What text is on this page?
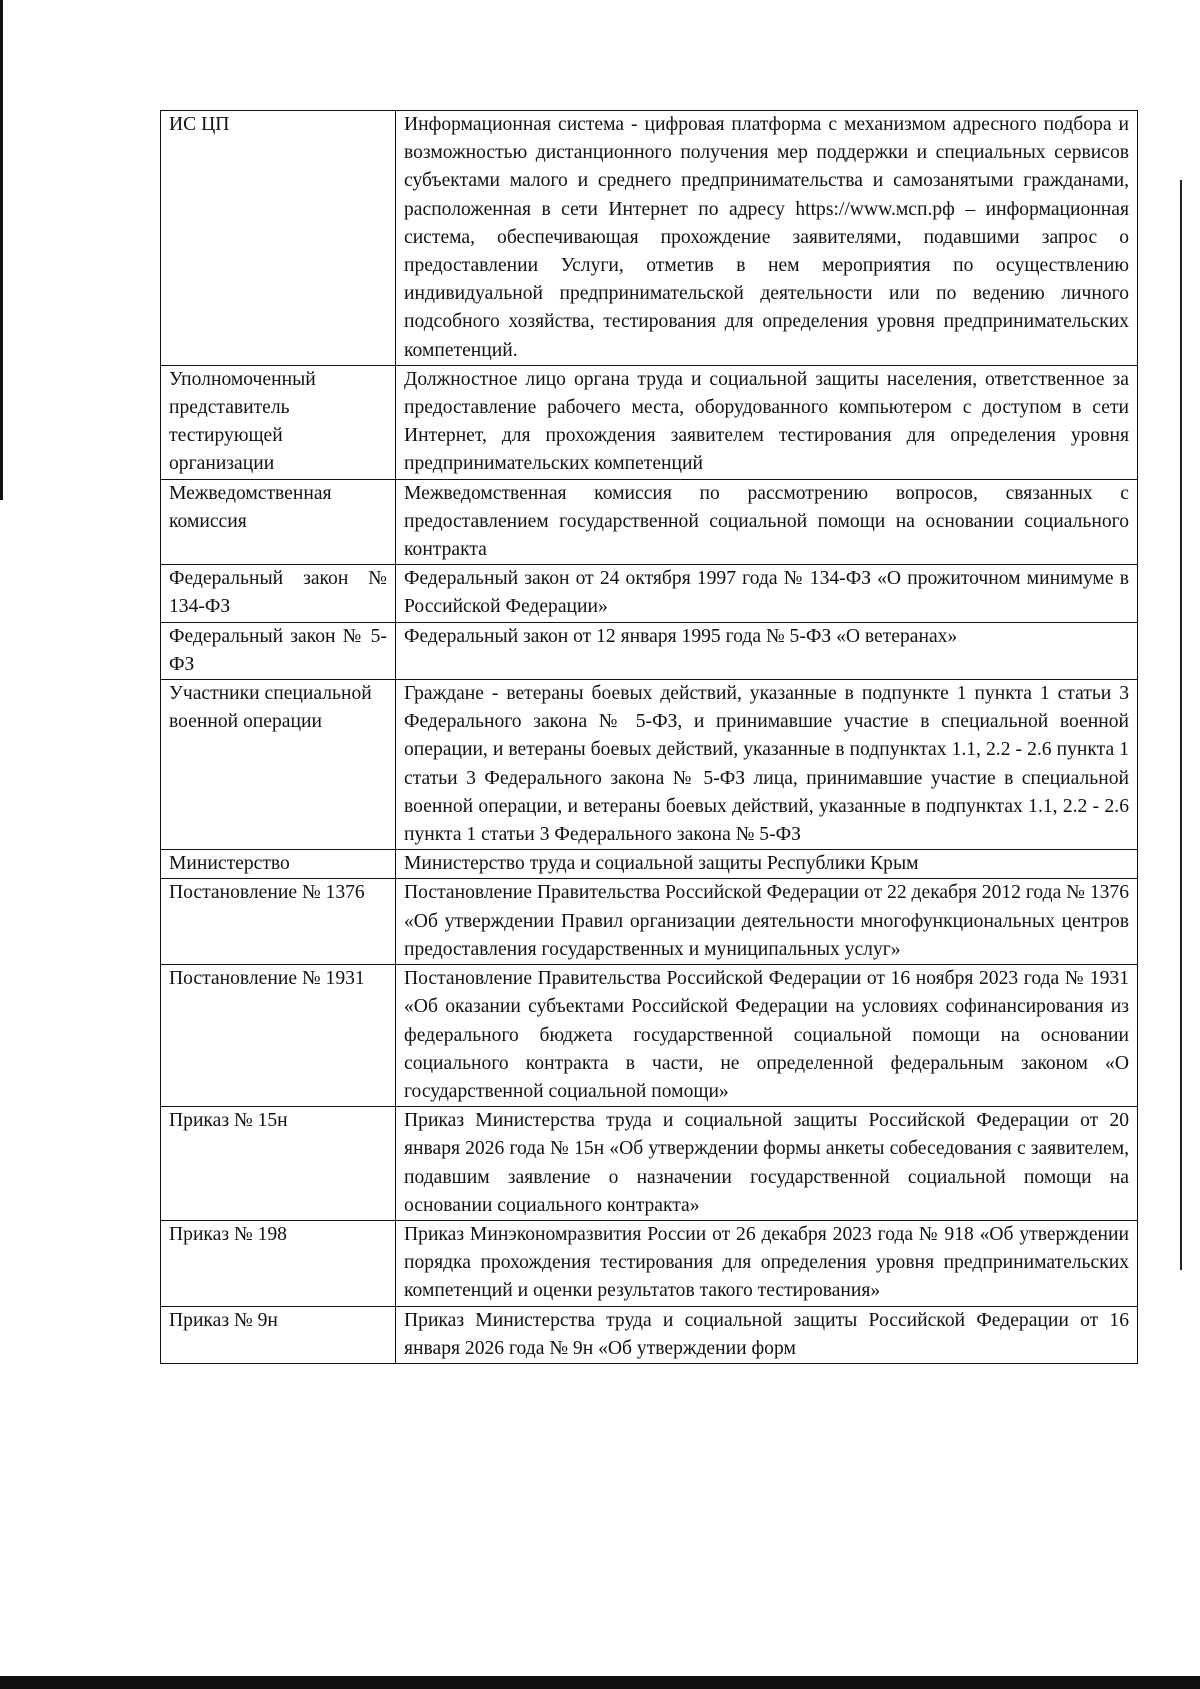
ИС ЦП	Информационная система - цифровая платформа с механизмом адресного подбора и возможностью дистанционного получения мер поддержки и специальных сервисов субъектами малого и среднего предпринимательства и самозанятыми гражданами, расположенная в сети Интернет по адресу https://www.мсп.рф – информационная система, обеспечивающая прохождение заявителями, подавшими запрос о предоставлении Услуги, отметив в нем мероприятия по осуществлению индивидуальной предпринимательской деятельности или по ведению личного подсобного хозяйства, тестирования для определения уровня предпринимательских компетенций.
Уполномоченный представитель тестирующей организации	Должностное лицо органа труда и социальной защиты населения, ответственное за предоставление рабочего места, оборудованного компьютером с доступом в сети Интернет, для прохождения заявителем тестирования для определения уровня предпринимательских компетенций
Межведомственная комиссия	Межведомственная комиссия по рассмотрению вопросов, связанных с предоставлением государственной социальной помощи на основании социального контракта
Федеральный закон № 134-ФЗ	Федеральный закон от 24 октября 1997 года № 134-ФЗ «О прожиточном минимуме в Российской Федерации»
Федеральный закон № 5-ФЗ	Федеральный закон от 12 января 1995 года № 5-ФЗ «О ветеранах»
Участники специальной военной операции	Граждане - ветераны боевых действий, указанные в подпункте 1 пункта 1 статьи 3 Федерального закона № 5-ФЗ, и принимавшие участие в специальной военной операции, и ветераны боевых действий, указанные в подпунктах 1.1, 2.2 - 2.6 пункта 1 статьи 3 Федерального закона № 5-ФЗ лица, принимавшие участие в специальной военной операции, и ветераны боевых действий, указанные в подпунктах 1.1, 2.2 - 2.6 пункта 1 статьи 3 Федерального закона № 5-ФЗ
Министерство	Министерство труда и социальной защиты Республики Крым
Постановление № 1376	Постановление Правительства Российской Федерации от 22 декабря 2012 года № 1376 «Об утверждении Правил организации деятельности многофункциональных центров предоставления государственных и муниципальных услуг»
Постановление № 1931	Постановление Правительства Российской Федерации от 16 ноября 2023 года № 1931 «Об оказании субъектами Российской Федерации на условиях софинансирования из федерального бюджета государственной социальной помощи на основании социального контракта в части, не определенной федеральным законом «О государственной социальной помощи»
Приказ № 15н	Приказ Министерства труда и социальной защиты Российской Федерации от 20 января 2026 года № 15н «Об утверждении формы анкеты собеседования с заявителем, подавшим заявление о назначении государственной социальной помощи на основании социального контракта»
Приказ № 198	Приказ Минэкономразвития России от 26 декабря 2023 года № 918 «Об утверждении порядка прохождения тестирования для определения уровня предпринимательских компетенций и оценки результатов такого тестирования»
Приказ № 9н	Приказ Министерства труда и социальной защиты Российской Федерации от 16 января 2026 года № 9н «Об утверждении форм
